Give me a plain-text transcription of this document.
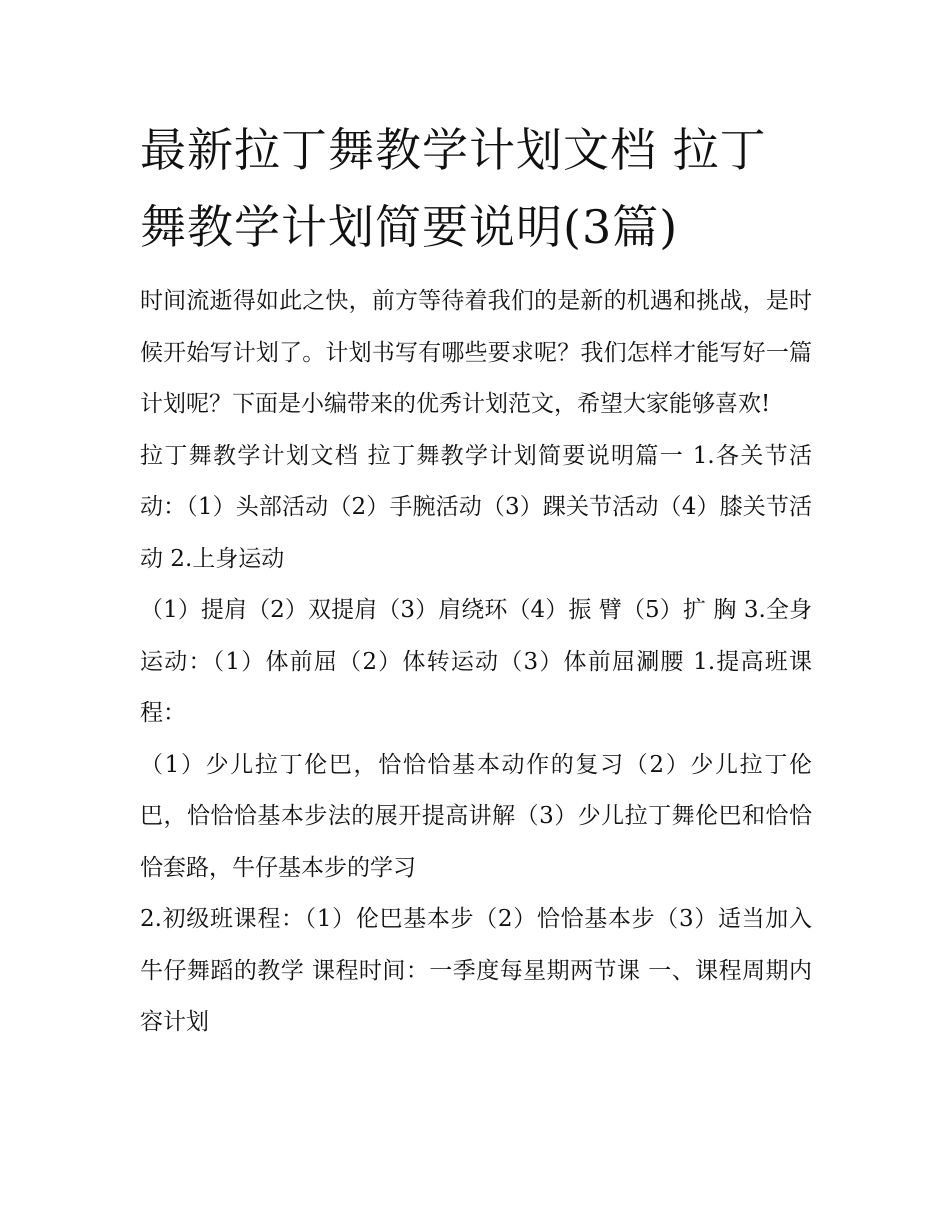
最新拉丁舞教学计划文档 拉丁舞教学计划简要说明(3篇)

时间流逝得如此之快，前方等待着我们的是新的机遇和挑战，是时候开始写计划了。计划书写有哪些要求呢？我们怎样才能写好一篇计划呢？下面是小编带来的优秀计划范文，希望大家能够喜欢!

拉丁舞教学计划文档 拉丁舞教学计划简要说明篇一 1.各关节活动：（1）头部活动（2）手腕活动（3）踝关节活动（4）膝关节活动 2.上身运动

（1）提肩（2）双提肩（3）肩绕环（4）振 臂（5）扩 胸 3.全身运动：（1）体前屈（2）体转运动（3）体前屈涮腰 1.提高班课程：

（1）少儿拉丁伦巴，恰恰恰基本动作的复习（2）少儿拉丁伦巴，恰恰恰基本步法的展开提高讲解（3）少儿拉丁舞伦巴和恰恰恰套路，牛仔基本步的学习

2.初级班课程：（1）伦巴基本步（2）恰恰基本步（3）适当加入牛仔舞蹈的教学 课程时间：一季度每星期两节课 一、课程周期内容计划
